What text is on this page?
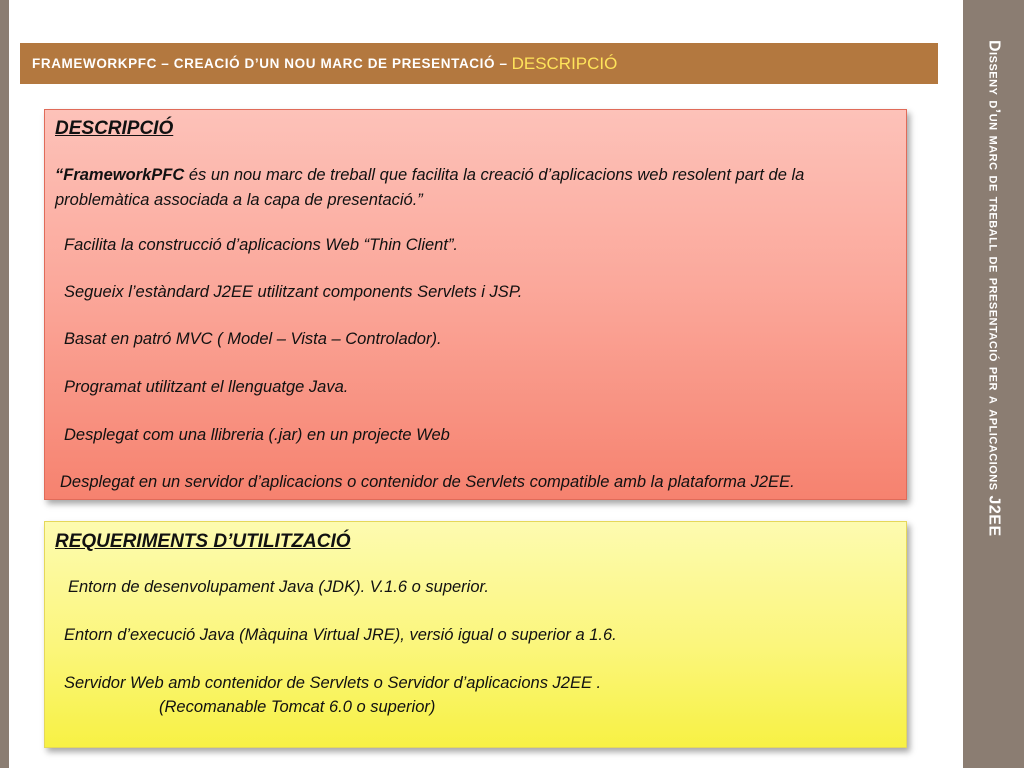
FRAMEWORKPFC – CREACIÓ D’UN NOU MARC DE PRESENTACIÓ – DESCRIPCIÓ	Disseny d’un marc de treball de presentació per a aplicacions J2EE
DESCRIPCIÓ
“FrameworkPFC és un nou marc de treball que facilita la creació d’aplicacions web resolent part de la problemàtica associada a la capa de presentació.”
Facilita la construcció d’aplicacions Web “Thin Client”.
Segueix l’estàndard J2EE utilitzant components Servlets i JSP.
Basat en patró MVC ( Model – Vista – Controlador).
Programat utilitzant el llenguatge Java.
Desplegat com una llibreria (.jar) en un projecte Web
Desplegat en un servidor d’aplicacions o contenidor de Servlets compatible amb la plataforma J2EE.
REQUERIMENTS D’UTILITZACIÓ
Entorn de desenvolupament Java (JDK). V.1.6 o superior.
Entorn d’execució Java (Màquina Virtual JRE), versió igual o superior a 1.6.
Servidor Web amb contenidor de Servlets o Servidor d’aplicacions J2EE .
(Recomanable Tomcat 6.0 o superior)
